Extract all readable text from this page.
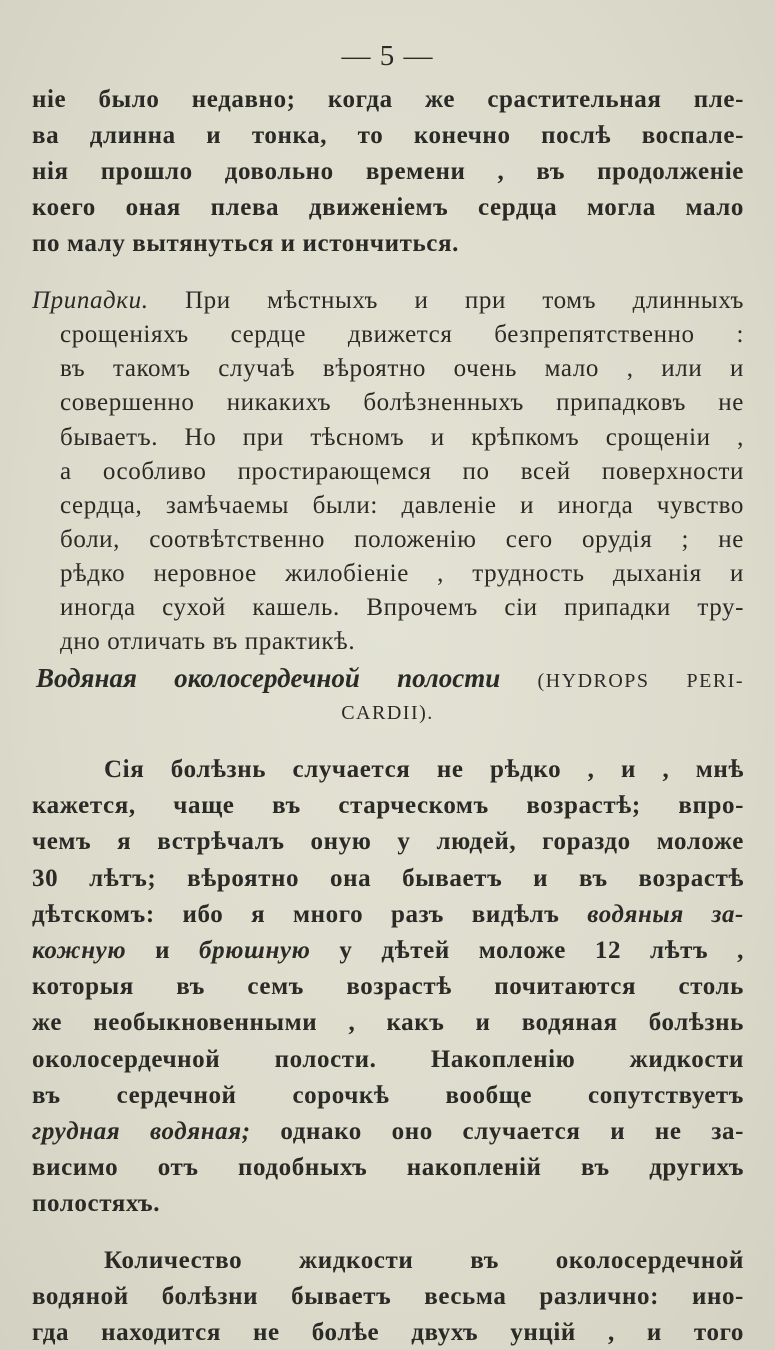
— 5 —
ніе было недавно; когда же срастительная пле-
ва длинна и тонка, то конечно послѣ воспале-
нія прошло довольно времени , въ продолженіе
коего оная плева движеніемъ сердца могла мало
по малу вытянуться и истончиться.
Припадки. При мѣстныхъ и при томъ длинныхъ
срощеніяхъ сердце движется безпрепятственно :
въ такомъ случаѣ вѣроятно очень мало , или и
совершенно никакихъ болѣзненныхъ припадковъ не
бываетъ. Но при тѣсномъ и крѣпкомъ срощеніи ,
а особливо простирающемся по всей поверхности
сердца, замѣчаемы были: давленіе и иногда чувство
боли, соотвѣтственно положенію сего орудія ; не
рѣдко неровное жилобіеніе , трудность дыханія и
иногда сухой кашель. Впрочемъ сіи припадки тру-
дно отличать въ практикѣ.
Водяная околосердечной полости (HYDROPS PERI-
CARDII).
Сія болѣзнь случается не рѣдко , и , мнѣ
кажется, чаще въ старческомъ возрастѣ; впро-
чемъ я встрѣчалъ оную у людей, гораздо моложе
30 лѣтъ; вѣроятно она бываетъ и въ возрастѣ
дѣтскомъ: ибо я много разъ видѣлъ водяныя за-
кожную и брюшную у дѣтей моложе 12 лѣтъ ,
которыя въ семъ возрастѣ почитаются столь
же необыкновенными , какъ и водяная болѣзнь
околосердечной полости. Накопленію жидкости
въ сердечной сорочкѣ вообще сопутствуетъ
грудная водяная; однако оно случается и не за-
висимо отъ подобныхъ накопленій въ другихъ
полостяхъ.
Количество жидкости въ околосердечной
водяной болѣзни бываетъ весьма различно: ино-
гда находится не болѣе двухъ унцій , и того
